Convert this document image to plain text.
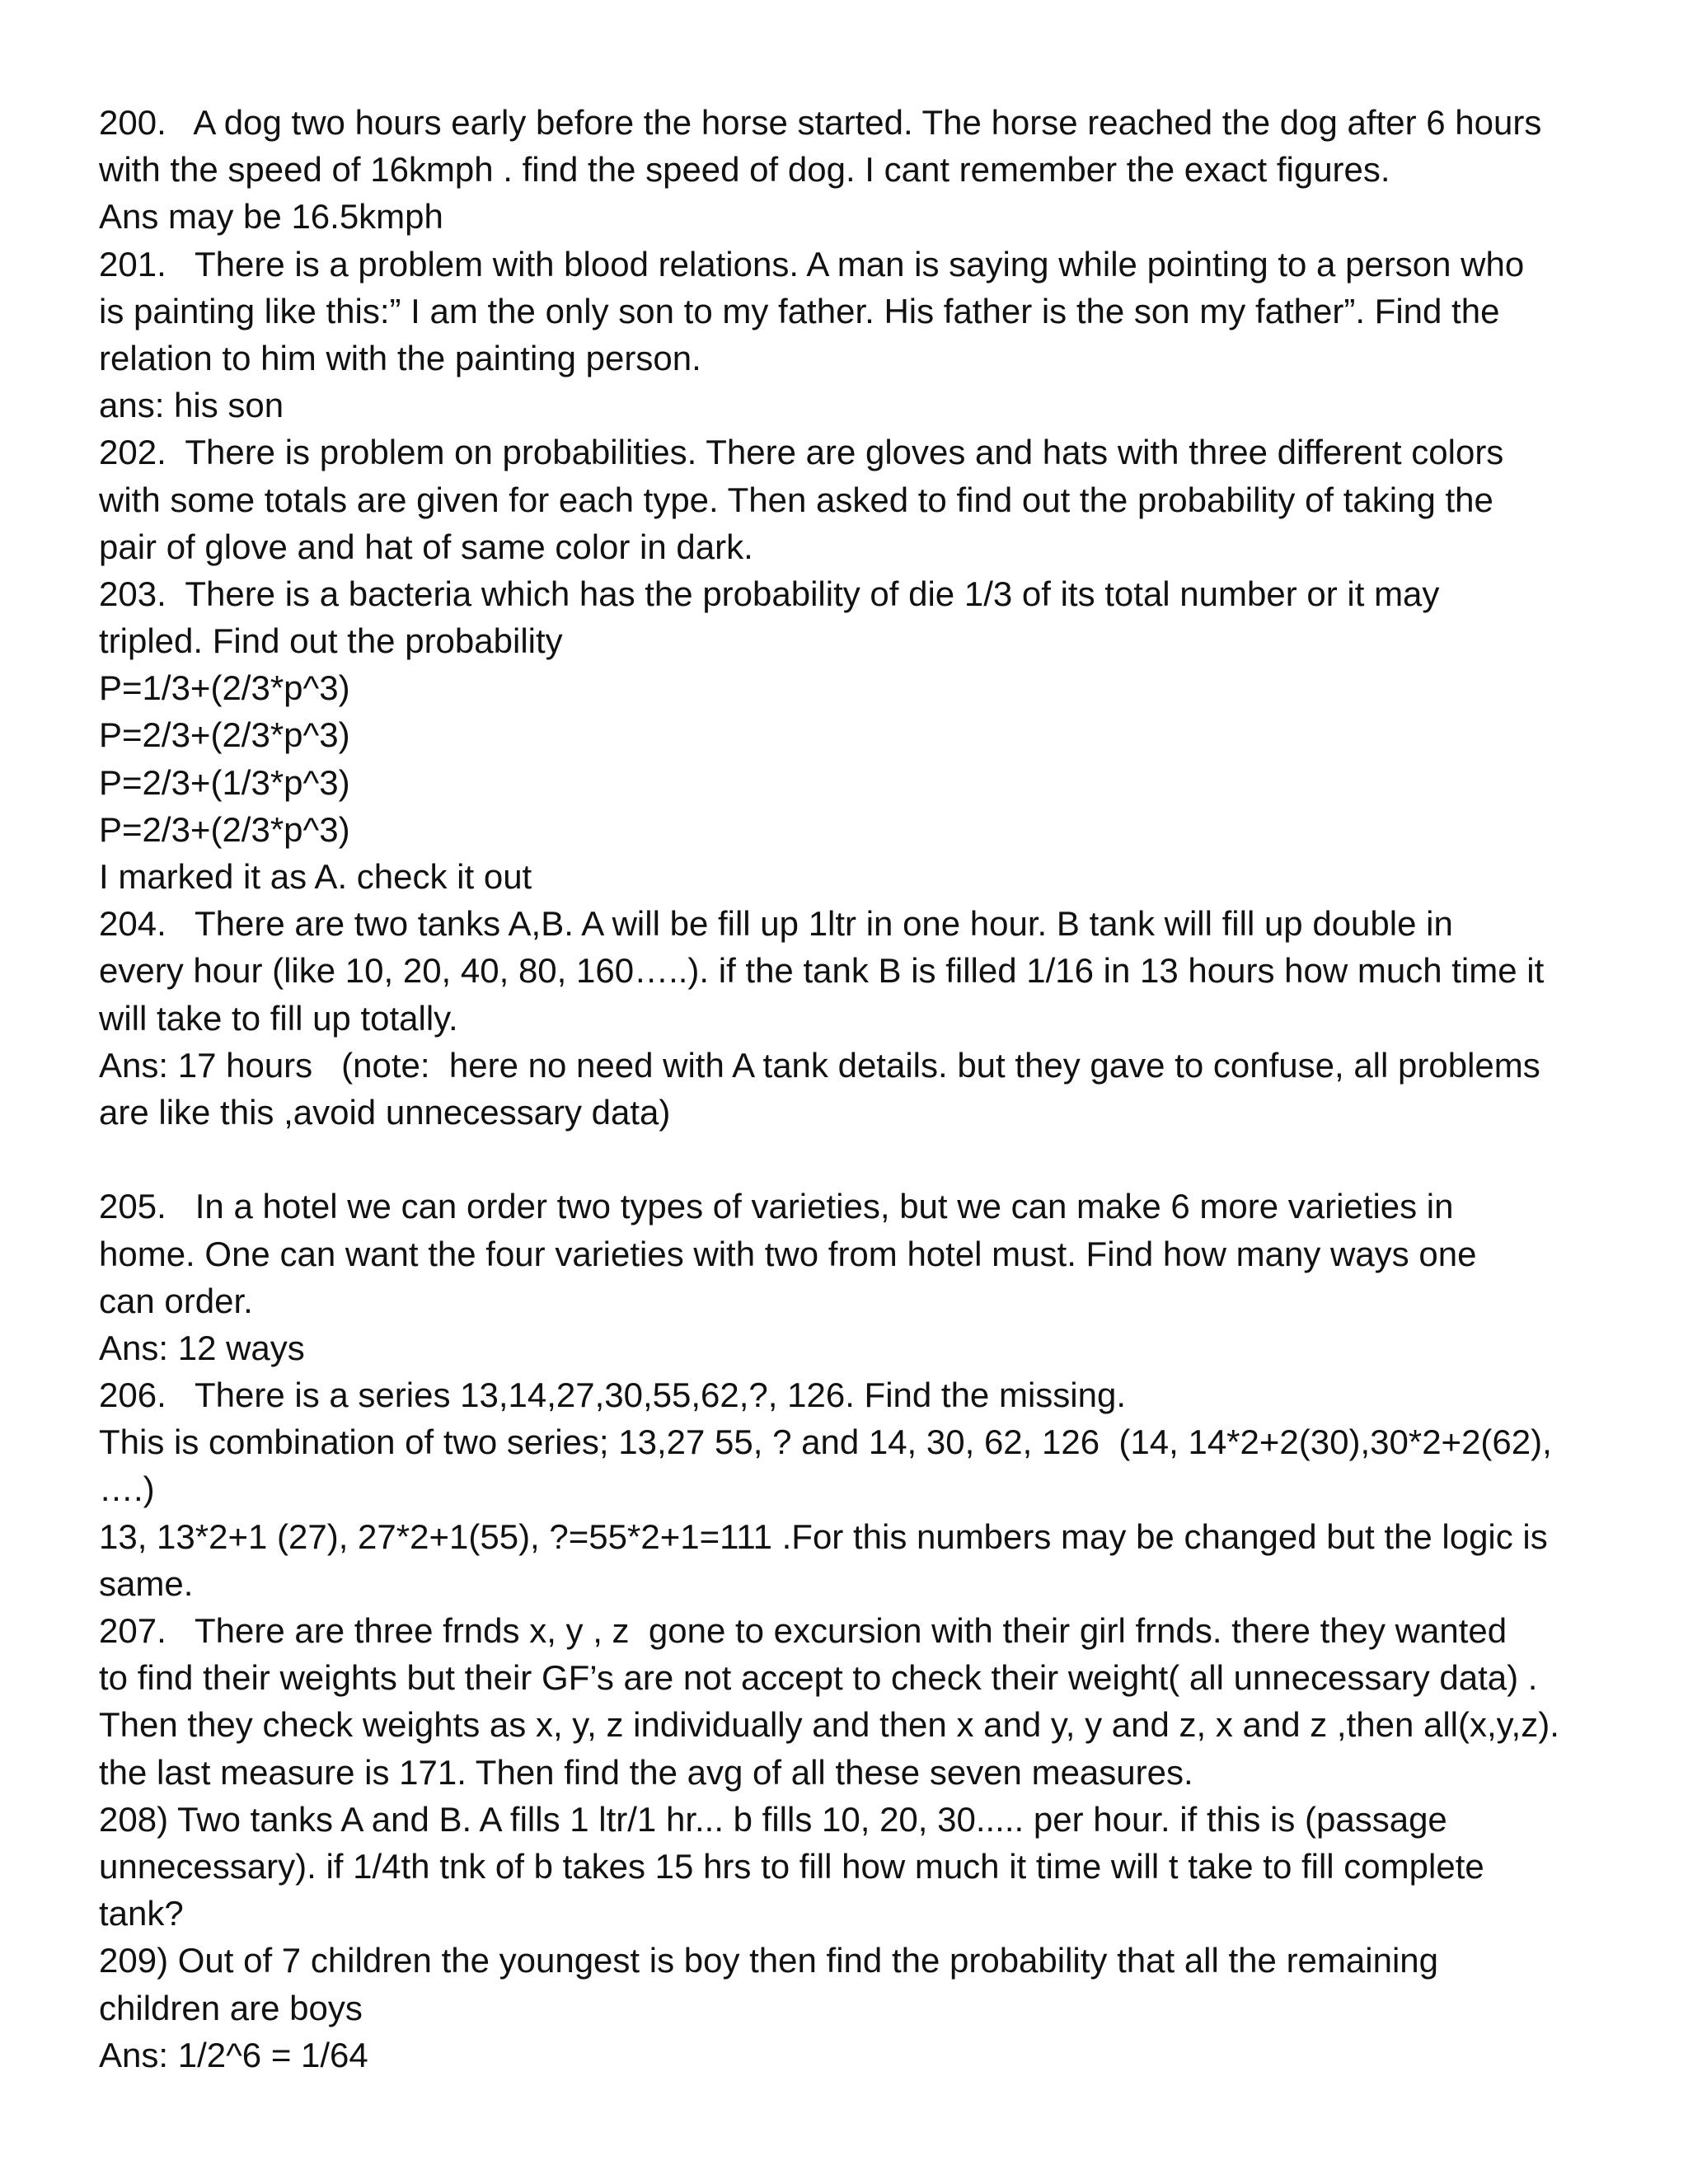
200.   A dog two hours early before the horse started. The horse reached the dog after 6 hours

with the speed of 16kmph . find the speed of dog. I cant remember the exact figures.

Ans may be 16.5kmph

201.   There is a problem with blood relations. A man is saying while pointing to a person who

is painting like this:” I am the only son to my father. His father is the son my father”. Find the

relation to him with the painting person.

ans: his son

202.  There is problem on probabilities. There are gloves and hats with three different colors

with some totals are given for each type. Then asked to find out the probability of taking the

pair of glove and hat of same color in dark.

203.  There is a bacteria which has the probability of die 1/3 of its total number or it may

tripled. Find out the probability

P=1/3+(2/3*p^3)

P=2/3+(2/3*p^3)

P=2/3+(1/3*p^3)

P=2/3+(2/3*p^3)

I marked it as A. check it out

204.   There are two tanks A,B. A will be fill up 1ltr in one hour. B tank will fill up double in

every hour (like 10, 20, 40, 80, 160…..). if the tank B is filled 1/16 in 13 hours how much time it

will take to fill up totally.

Ans: 17 hours   (note:  here no need with A tank details. but they gave to confuse, all problems

are like this ,avoid unnecessary data)

205.   In a hotel we can order two types of varieties, but we can make 6 more varieties in

home. One can want the four varieties with two from hotel must. Find how many ways one

can order.

Ans: 12 ways

206.   There is a series 13,14,27,30,55,62,?, 126. Find the missing.

This is combination of two series; 13,27 55, ? and 14, 30, 62, 126  (14, 14*2+2(30),30*2+2(62),

….)

13, 13*2+1 (27), 27*2+1(55), ?=55*2+1=111 .For this numbers may be changed but the logic is

same.

207.   There are three frnds x, y , z  gone to excursion with their girl frnds. there they wanted

to find their weights but their GF’s are not accept to check their weight( all unnecessary data) .

Then they check weights as x, y, z individually and then x and y, y and z, x and z ,then all(x,y,z).

the last measure is 171. Then find the avg of all these seven measures.

208) Two tanks A and B. A fills 1 ltr/1 hr... b fills 10, 20, 30..... per hour. if this is (passage

unnecessary). if 1/4th tnk of b takes 15 hrs to fill how much it time will t take to fill complete

tank?

209) Out of 7 children the youngest is boy then find the probability that all the remaining

children are boys

Ans: 1/2^6 = 1/64
